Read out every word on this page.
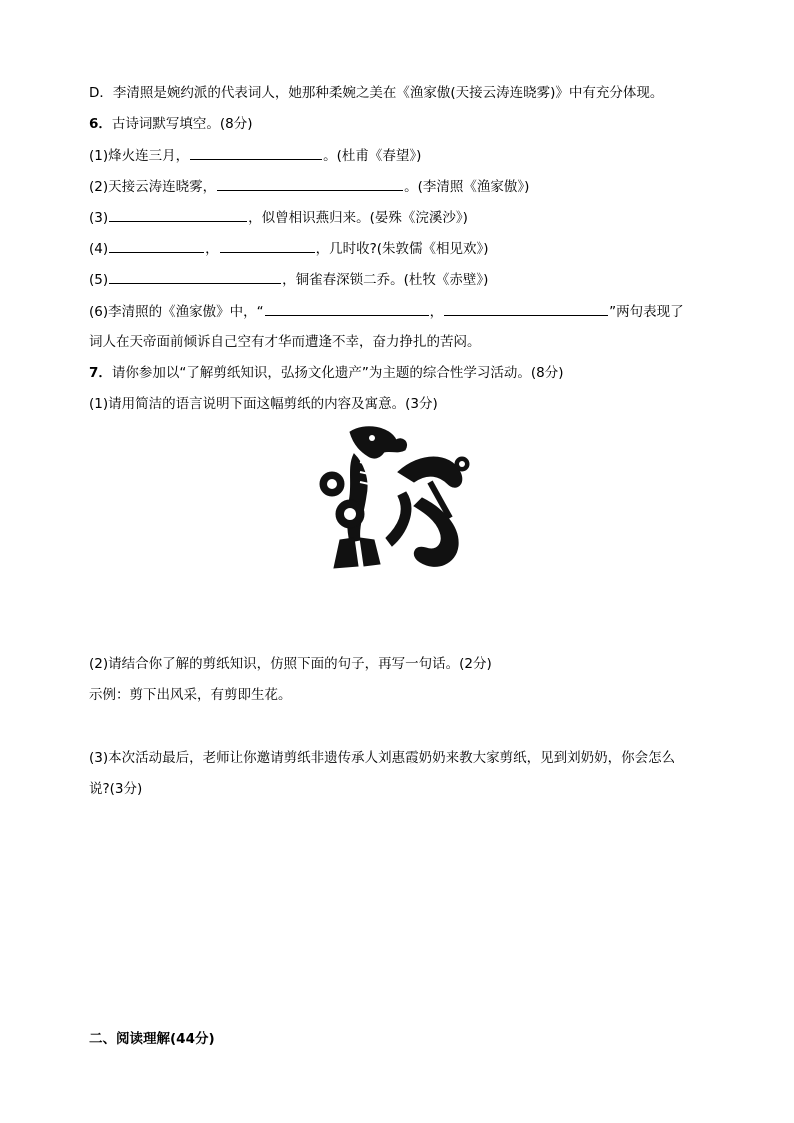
D．李清照是婉约派的代表词人，她那种柔婉之美在《渔家傲(天接云涛连晓雾)》中有充分体现。
6．古诗词默写填空。(8分)
(1)烽火连三月，	。(杜甫《春望》)
(2)天接云涛连晓雾，	。(李清照《渔家傲》)
(3)	，似曾相识燕归来。(晏殊《浣溪沙》)
(4)	，	，几时收?(朱敦儒《相见欢》)
(5)	，铜雀春深锁二乔。(杜牧《赤壁》)
(6)李清照的《渔家傲》中，“	，	”两句表现了
词人在天帝面前倾诉自己空有才华而遭逢不幸，奋力挣扎的苦闷。
7．请你参加以“了解剪纸知识，弘扬文化遗产”为主题的综合性学习活动。(8分)
(1)请用简洁的语言说明下面这幅剪纸的内容及寓意。(3分)
(2)请结合你了解的剪纸知识，仿照下面的句子，再写一句话。(2分)
示例：剪下出风采，有剪即生花。
(3)本次活动最后，老师让你邀请剪纸非遗传承人刘惠霞奶奶来教大家剪纸，见到刘奶奶，你会怎么
说?(3分)
二、阅读理解(44分)
